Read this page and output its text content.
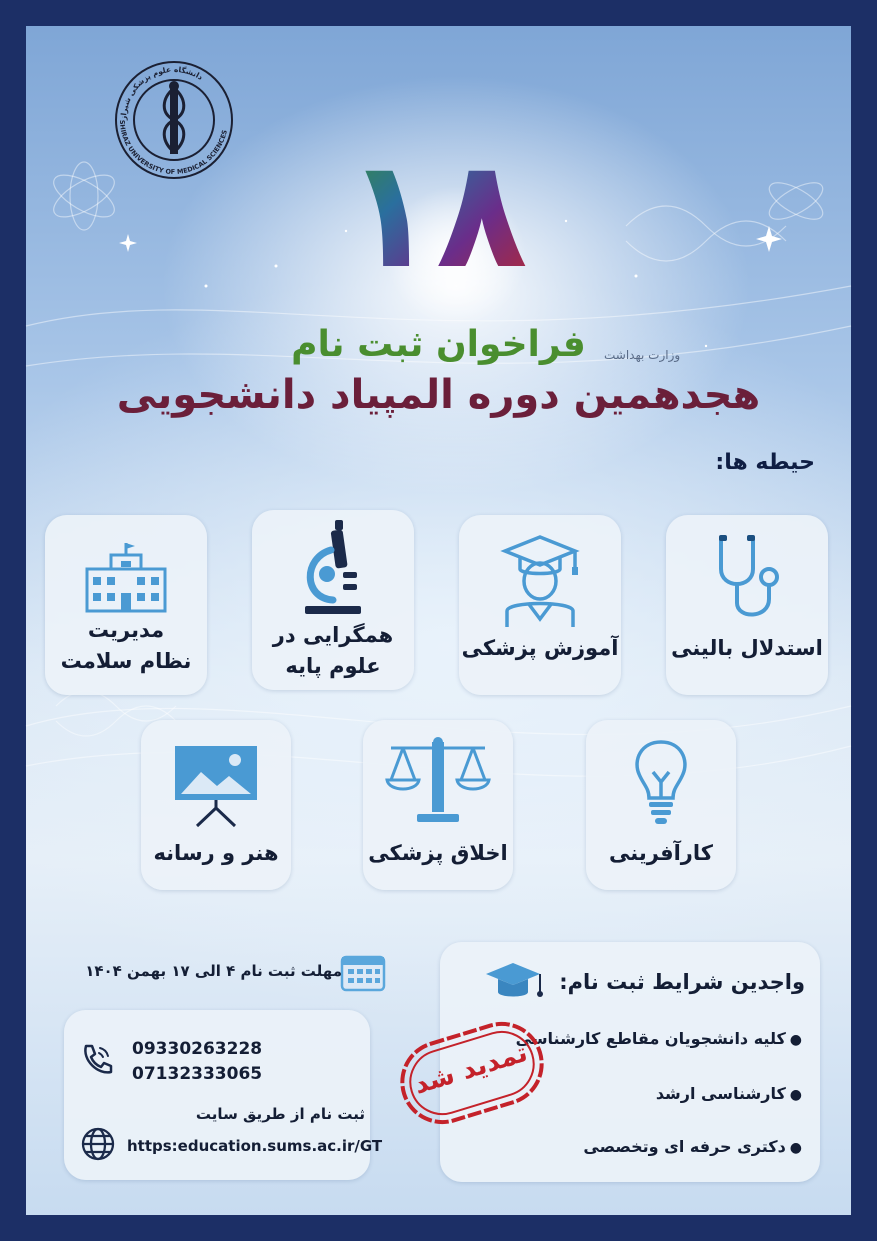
دانشگاه علوم پزشکی شیراز
SHIRAZ UNIVERSITY OF MEDICAL SCIENCES ۱۸
فراخوان ثبت نام	وزارت بهداشت
هجدهمین دوره المپیاد دانشجویی
حیطه ها:
استدلال بالینی
آموزش پزشکی
همگرایی در
علوم پایه
مدیریت
نظام سلامت
کارآفرینی
اخلاق پزشکی
هنر و رسانه
مهلت ثبت نام ۴ الی ۱۷ بهمن ۱۴۰۴
09330263228
07132333065
ثبت نام از طریق سایت
https:education.sums.ac.ir/GT
واجدین شرایط ثبت نام:
● کلیه دانشجویان مقاطع کارشناسی
● کارشناسی ارشد
● دکتری حرفه ای وتخصصی
تمدید شد
